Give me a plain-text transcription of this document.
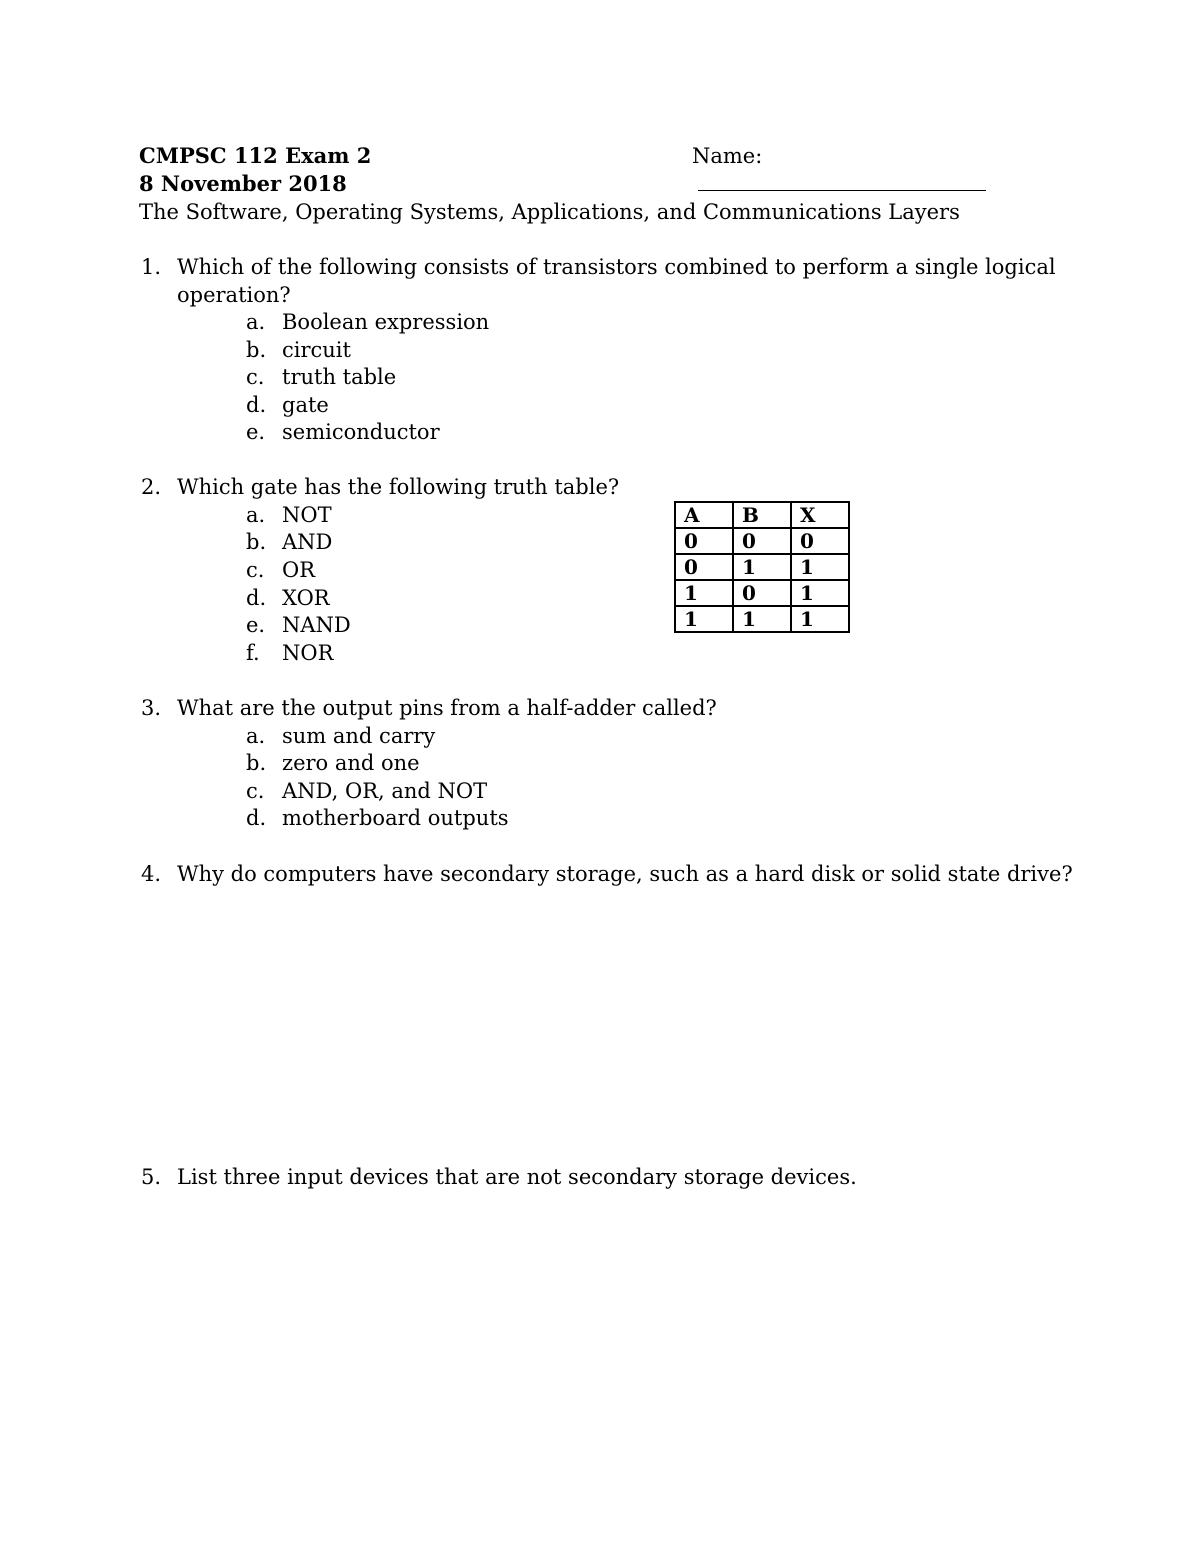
CMPSC 112 Exam 2	Name:
8 November 2018
The Software, Operating Systems, Applications, and Communications Layers
1. Which of the following consists of transistors combined to perform a single logical
operation?
a. Boolean expression
b. circuit
c. truth table
d. gate
e. semiconductor
2. Which gate has the following truth table?
a. NOT
b. AND
c. OR
d. XOR
e. NAND
f.	NOR
A	B	X
0	0	0
0	1	1
1	0	1
1	1	1
3. What are the output pins from a half-adder called?
a. sum and carry
b. zero and one
c. AND, OR, and NOT
d. motherboard outputs
4. Why do computers have secondary storage, such as a hard disk or solid state drive?
5. List three input devices that are not secondary storage devices.
